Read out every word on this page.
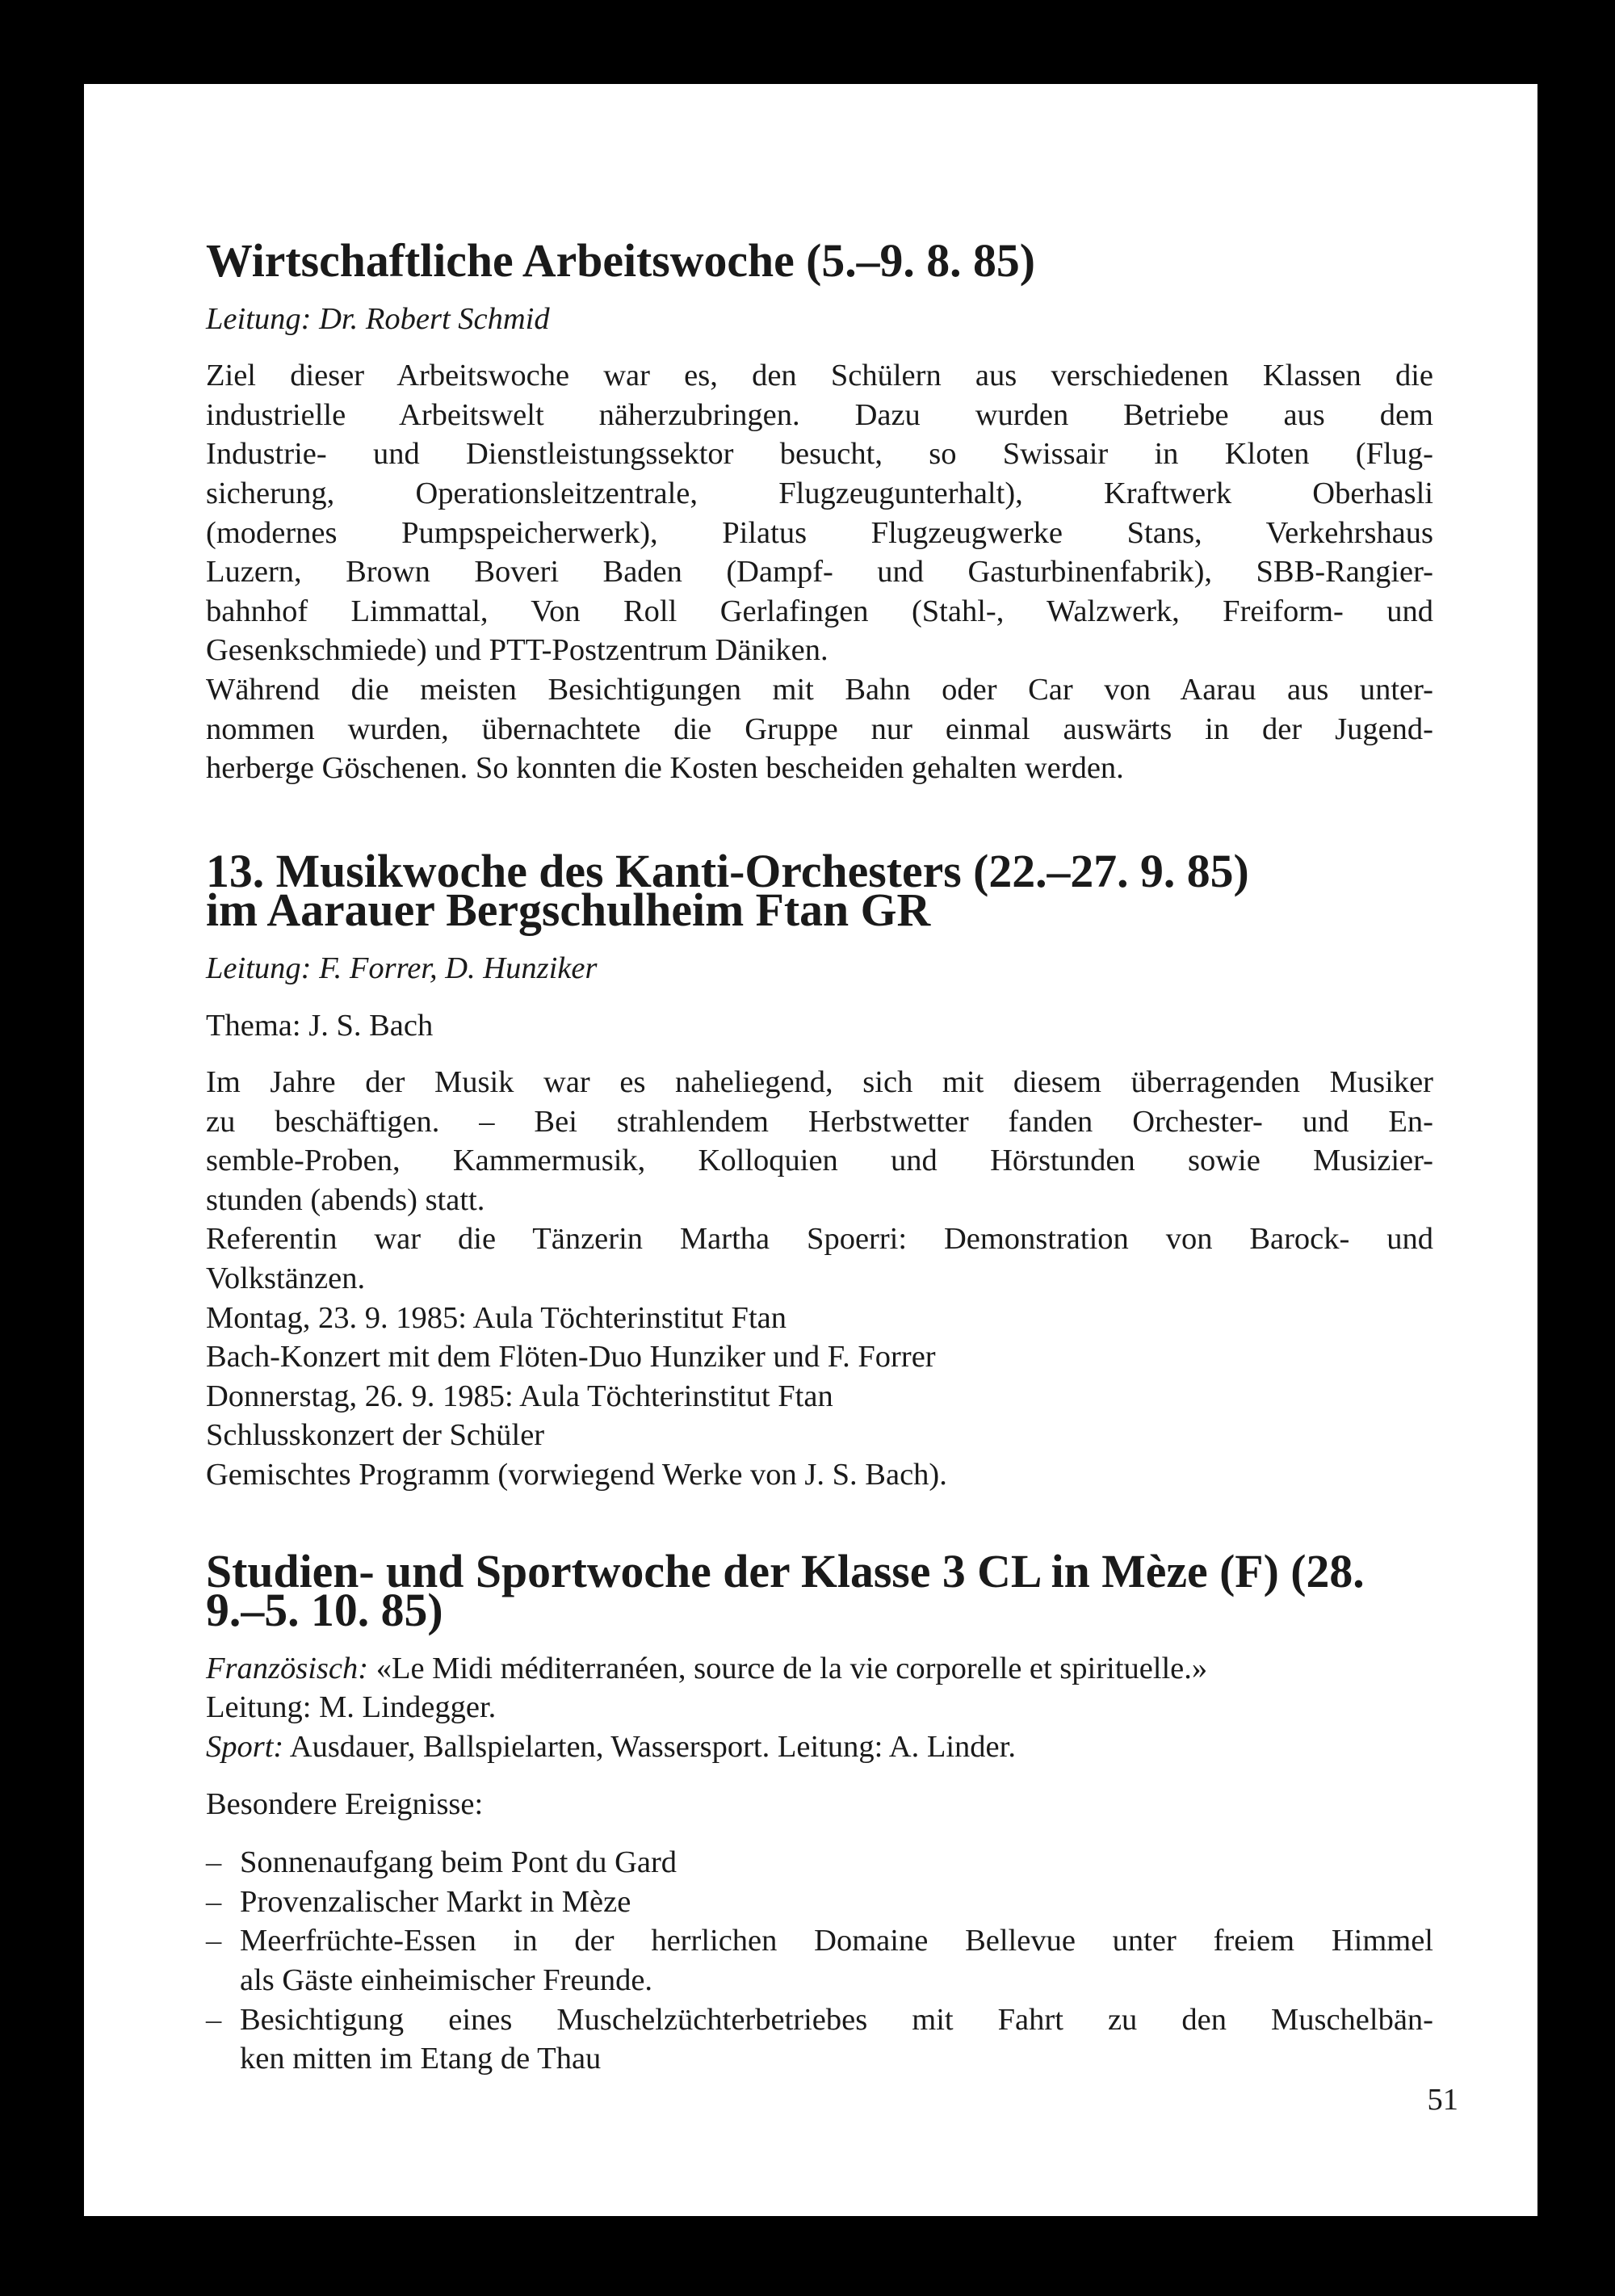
Wirtschaftliche Arbeitswoche (5.–9. 8. 85)

Leitung: Dr. Robert Schmid

Ziel dieser Arbeitswoche war es, den Schülern aus verschiedenen Klassen die
industrielle Arbeitswelt näherzubringen. Dazu wurden Betriebe aus dem
Industrie- und Dienstleistungssektor besucht, so Swissair in Kloten (Flug-
sicherung, Operationsleitzentrale, Flugzeugunterhalt), Kraftwerk Oberhasli
(modernes Pumpspeicherwerk), Pilatus Flugzeugwerke Stans, Verkehrshaus
Luzern, Brown Boveri Baden (Dampf- und Gasturbinenfabrik), SBB-Rangier-
bahnhof Limmattal, Von Roll Gerlafingen (Stahl-, Walzwerk, Freiform- und
Gesenkschmiede) und PTT-Postzentrum Däniken.
Während die meisten Besichtigungen mit Bahn oder Car von Aarau aus unter-
nommen wurden, übernachtete die Gruppe nur einmal auswärts in der Jugend-
herberge Göschenen. So konnten die Kosten bescheiden gehalten werden.
13. Musikwoche des Kanti-Orchesters (22.–27. 9. 85)
im Aarauer Bergschulheim Ftan GR

Leitung: F. Forrer, D. Hunziker

Thema: J. S. Bach

Im Jahre der Musik war es naheliegend, sich mit diesem überragenden Musiker
zu beschäftigen. – Bei strahlendem Herbstwetter fanden Orchester- und En-
semble-Proben, Kammermusik, Kolloquien und Hörstunden sowie Musizier-
stunden (abends) statt.
Referentin war die Tänzerin Martha Spoerri: Demonstration von Barock- und
Volkstänzen.
Montag, 23. 9. 1985: Aula Töchterinstitut Ftan
Bach-Konzert mit dem Flöten-Duo Hunziker und F. Forrer
Donnerstag, 26. 9. 1985: Aula Töchterinstitut Ftan
Schlusskonzert der Schüler
Gemischtes Programm (vorwiegend Werke von J. S. Bach).
Studien- und Sportwoche der Klasse 3 CL in Mèze (F) (28. 9.–5. 10. 85)
Französisch: «Le Midi méditerranéen, source de la vie corporelle et spirituelle.»
Leitung: M. Lindegger.
Sport: Ausdauer, Ballspielarten, Wassersport. Leitung: A. Linder.

Besondere Ereignisse:

– Sonnenaufgang beim Pont du Gard
– Provenzalischer Markt in Mèze
– Meerfrüchte-Essen in der herrlichen Domaine Bellevue unter freiem Himmel
als Gäste einheimischer Freunde.
– Besichtigung eines Muschelzüchterbetriebes mit Fahrt zu den Muschelbän-
ken mitten im Etang de Thau
51
